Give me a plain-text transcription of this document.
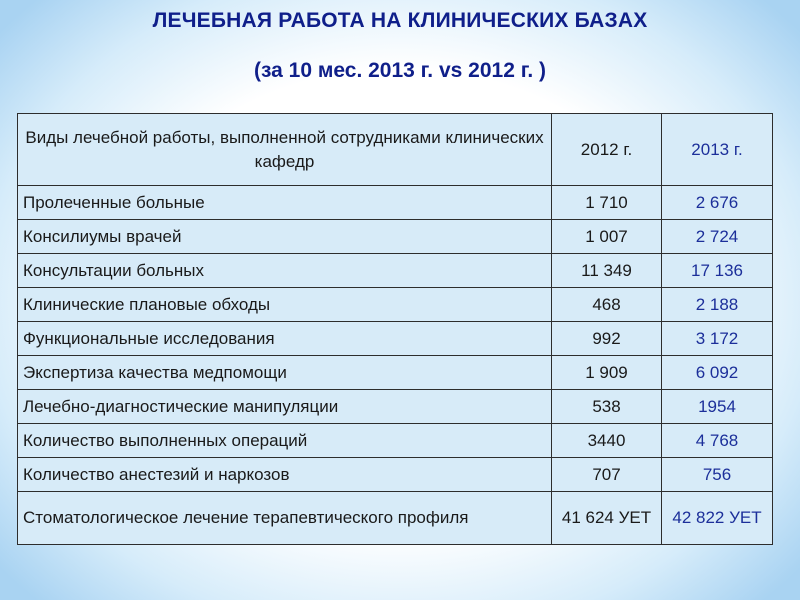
ЛЕЧЕБНАЯ РАБОТА НА КЛИНИЧЕСКИХ БАЗАХ
(за 10 мес. 2013 г. vs 2012 г. )
Виды лечебной работы, выполненной сотрудниками клинических кафедр	2012 г.	2013 г.
Пролеченные больные	1 710	2 676
Консилиумы врачей	1 007	2 724
Консультации больных	11 349	17 136
Клинические плановые обходы	468	2 188
Функциональные исследования	992	3 172
Экспертиза качества медпомощи	1 909	6 092
Лечебно-диагностические манипуляции	538	1954
Количество выполненных операций	3440	4 768
Количество анестезий и наркозов	707	756
Стоматологическое лечение терапевтического профиля	41 624 УЕТ	42 822 УЕТ
